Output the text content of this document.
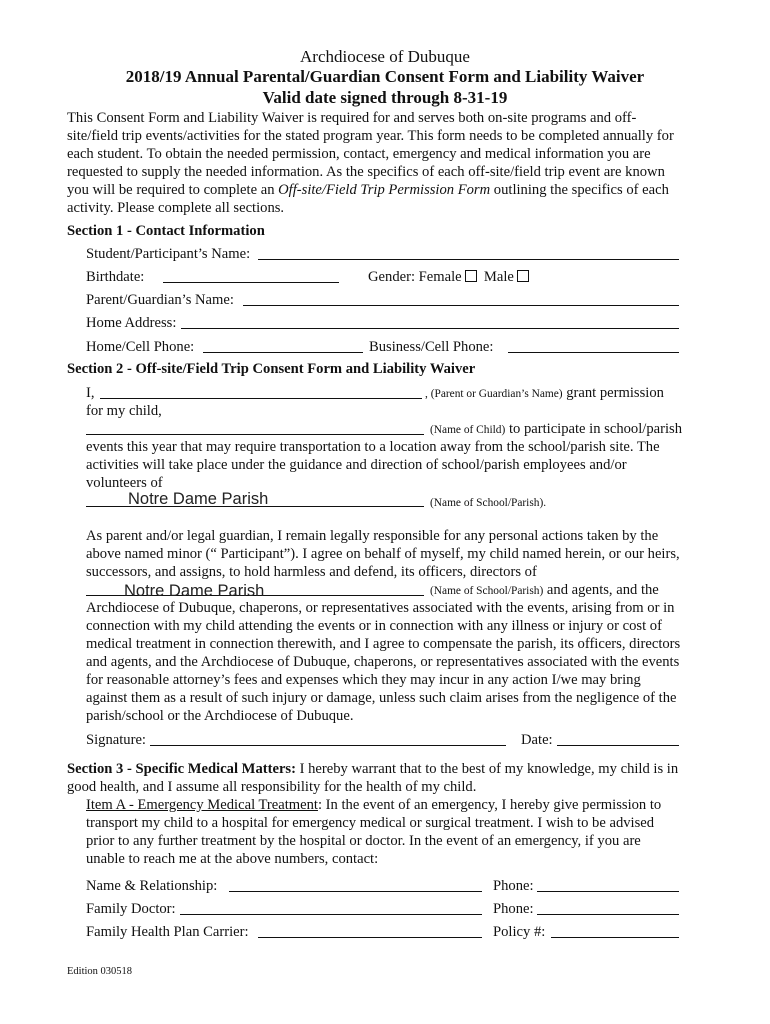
Archdiocese of Dubuque
2018/19 Annual Parental/Guardian Consent Form and Liability Waiver
Valid date signed through 8-31-19
This Consent Form and Liability Waiver is required for and serves both on-site programs and off-
site/field trip events/activities for the stated program year. This form needs to be completed annually for
each student. To obtain the needed permission, contact, emergency and medical information you are
requested to supply the needed information. As the specifics of each off-site/field trip event are known
you will be required to complete an Off-site/Field Trip Permission Form outlining the specifics of each
activity. Please complete all sections.
Section 1 - Contact Information
Student/Participant’s Name:
Birthdate:	Gender: Female Male
Parent/Guardian’s Name:
Home Address:
Home/Cell Phone:	Business/Cell Phone:
Section 2 - Off-site/Field Trip Consent Form and Liability Waiver
I,	, (Parent or Guardian’s Name) grant permission
for my child,
(Name of Child) to participate in school/parish
events this year that may require transportation to a location away from the school/parish site. The
activities will take place under the guidance and direction of school/parish employees and/or
volunteers of
Notre Dame Parish	(Name of School/Parish).
As parent and/or legal guardian, I remain legally responsible for any personal actions taken by the
above named minor (“ Participant”). I agree on behalf of myself, my child named herein, or our heirs,
successors, and assigns, to hold harmless and defend, its officers, directors of
Notre Dame Parish	(Name of School/Parish) and agents, and the
Archdiocese of Dubuque, chaperons, or representatives associated with the events, arising from or in
connection with my child attending the events or in connection with any illness or injury or cost of
medical treatment in connection therewith, and I agree to compensate the parish, its officers, directors
and agents, and the Archdiocese of Dubuque, chaperons, or representatives associated with the events
for reasonable attorney’s fees and expenses which they may incur in any action I/we may bring
against them as a result of such injury or damage, unless such claim arises from the negligence of the
parish/school or the Archdiocese of Dubuque.
Signature:	Date:
Section 3 - Specific Medical Matters: I hereby warrant that to the best of my knowledge, my child is in
good health, and I assume all responsibility for the health of my child.
Item A - Emergency Medical Treatment: In the event of an emergency, I hereby give permission to
transport my child to a hospital for emergency medical or surgical treatment. I wish to be advised
prior to any further treatment by the hospital or doctor. In the event of an emergency, if you are
unable to reach me at the above numbers, contact:
Name & Relationship:	Phone:
Family Doctor:	Phone:
Family Health Plan Carrier:	Policy #:
Edition 030518
